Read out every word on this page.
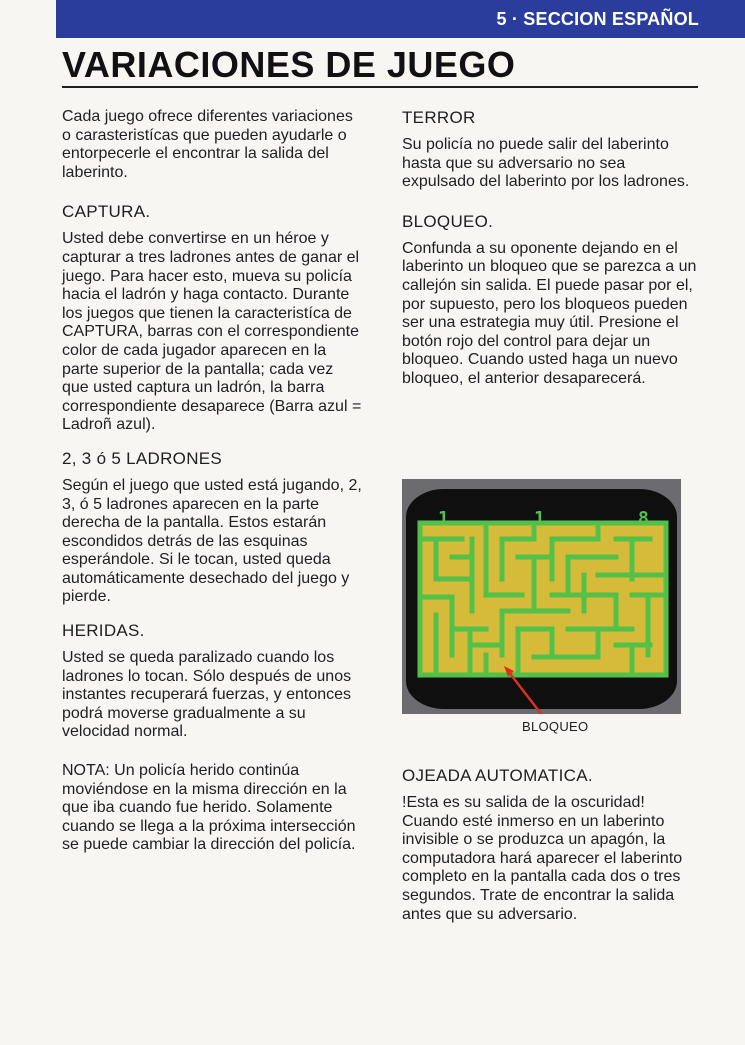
5 · SECCION ESPAÑOL
VARIACIONES DE JUEGO

Cada juego ofrece diferentes variaciones o carasteristícas que pueden ayudarle o entorpecerle el encontrar la salida del laberinto.

CAPTURA.

Usted debe convertirse en un héroe y capturar a tres ladrones antes de ganar el juego. Para hacer esto, mueva su policía hacia el ladrón y haga contacto. Durante los juegos que tienen la caracteristíca de CAPTURA, barras con el correspondiente color de cada jugador aparecen en la parte superior de la pantalla; cada vez que usted captura un ladrón, la barra correspondiente desaparece (Barra azul = Ladroñ azul).

2, 3 ó 5 LADRONES

Según el juego que usted está jugando, 2, 3, ó 5 ladrones aparecen en la parte derecha de la pantalla. Estos estarán escondidos detrás de las esquinas esperándole. Si le tocan, usted queda automáticamente desechado del juego y pierde.

HERIDAS.

Usted se queda paralizado cuando los ladrones lo tocan. Sólo después de unos instantes recuperará fuerzas, y entonces podrá moverse gradualmente a su velocidad normal.

NOTA: Un policía herido continúa moviéndose en la misma dirección en la que iba cuando fue herido. Solamente cuando se llega a la próxima intersección se puede cambiar la dirección del policía.

TERROR

Su policía no puede salir del laberinto hasta que su adversario no sea expulsado del laberinto por los ladrones.

BLOQUEO.

Confunda a su oponente dejando en el laberinto un bloqueo que se parezca a un callejón sin salida. El puede pasar por el, por supuesto, pero los bloqueos pueden ser una estrategia muy útil. Presione el botón rojo del control para dejar un bloqueo. Cuando usted haga un nuevo bloqueo, el anterior desaparecerá.

1	1	8
BLOQUEO
OJEADA AUTOMATICA.

!Esta es su salida de la oscuridad! Cuando esté inmerso en un laberinto invisible o se produzca un apagón, la computadora hará aparecer el laberinto completo en la pantalla cada dos o tres segundos. Trate de encontrar la salida antes que su adversario.
